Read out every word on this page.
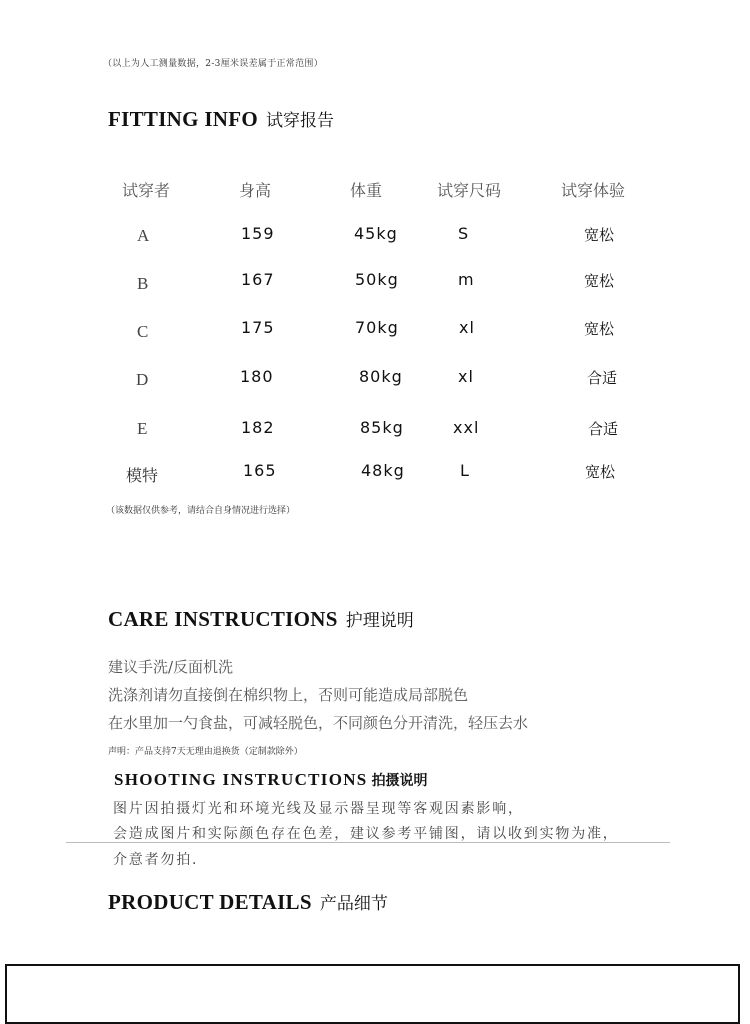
（以上为人工测量数据，2-3厘米误差属于正常范围）
FITTING INFO 试穿报告
试穿者	身高	体重	试穿尺码	试穿体验
A	159	45kg	S	宽松
B	167	50kg	m	宽松
C	175	70kg	xl	宽松
D	180	80kg	xl	合适
E	182	85kg	xxl	合适
模特	165	48kg	L	宽松
（该数据仅供参考，请结合自身情况进行选择）
CARE INSTRUCTIONS 护理说明
建议手洗/反面机洗
洗涤剂请勿直接倒在棉织物上，否则可能造成局部脱色
在水里加一勺食盐，可减轻脱色，不同颜色分开清洗，轻压去水
声明：产品支持7天无理由退换货（定制款除外）
SHOOTING INSTRUCTIONS 拍摄说明
图片因拍摄灯光和环境光线及显示器呈现等客观因素影响，
会造成图片和实际颜色存在色差，建议参考平铺图，请以收到实物为准，
介意者勿拍.
PRODUCT DETAILS 产品细节
